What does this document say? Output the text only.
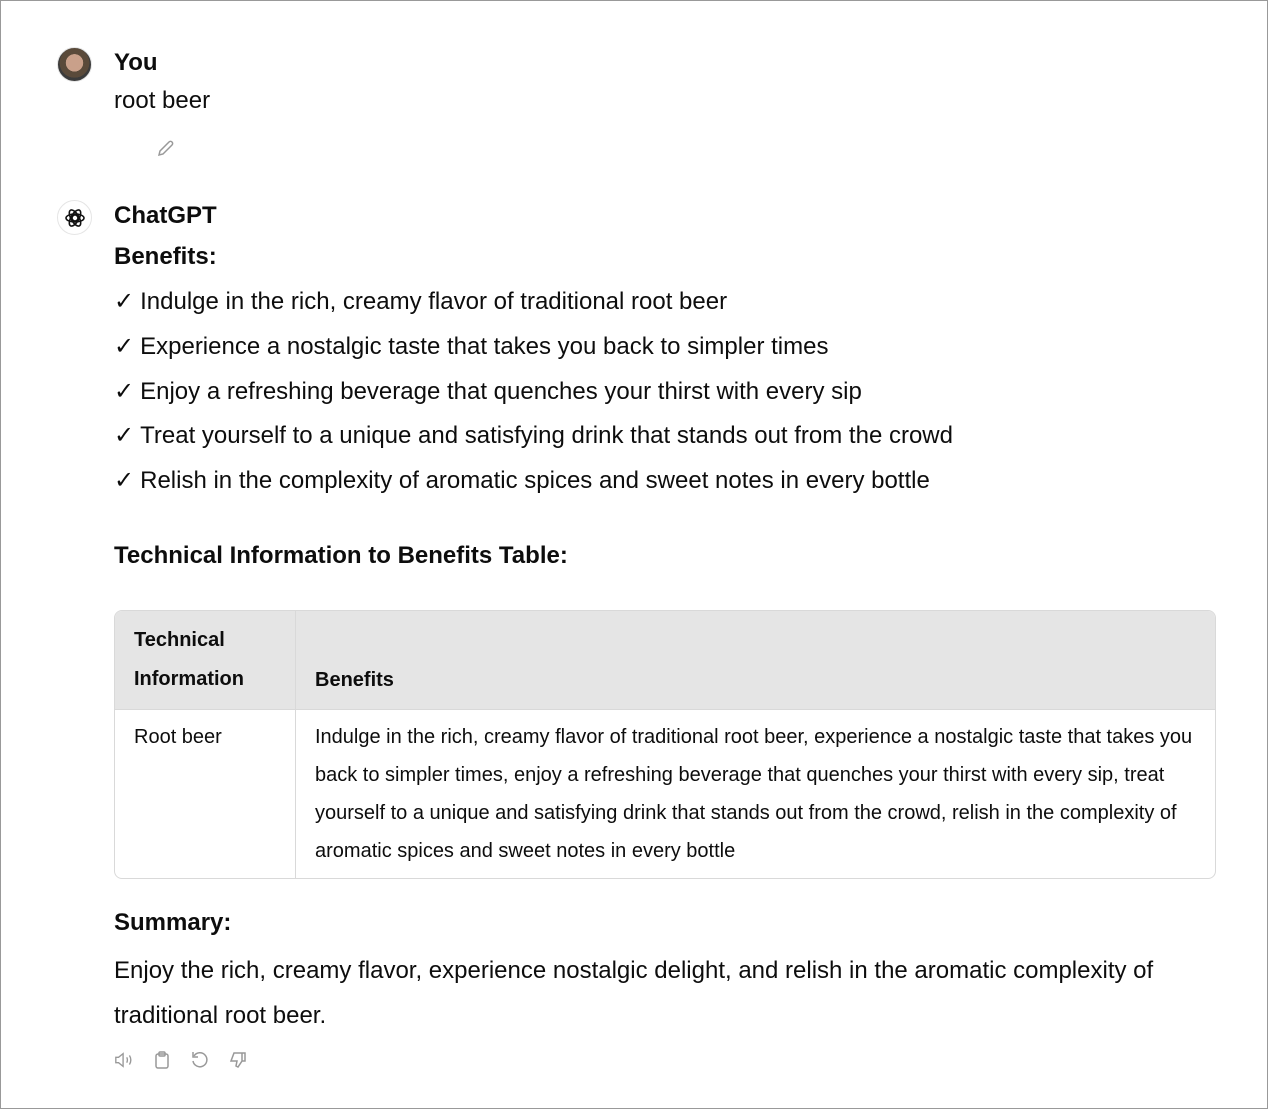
You
root beer
ChatGPT
Benefits:
✓ Indulge in the rich, creamy flavor of traditional root beer
✓ Experience a nostalgic taste that takes you back to simpler times
✓ Enjoy a refreshing beverage that quenches your thirst with every sip
✓ Treat yourself to a unique and satisfying drink that stands out from the crowd
✓ Relish in the complexity of aromatic spices and sweet notes in every bottle
Technical Information to Benefits Table:
Technical Information	Benefits
Root beer	Indulge in the rich, creamy flavor of traditional root beer, experience a nostalgic taste that takes you back to simpler times, enjoy a refreshing beverage that quenches your thirst with every sip, treat yourself to a unique and satisfying drink that stands out from the crowd, relish in the complexity of aromatic spices and sweet notes in every bottle
Summary:
Enjoy the rich, creamy flavor, experience nostalgic delight, and relish in the aromatic complexity of traditional root beer.
